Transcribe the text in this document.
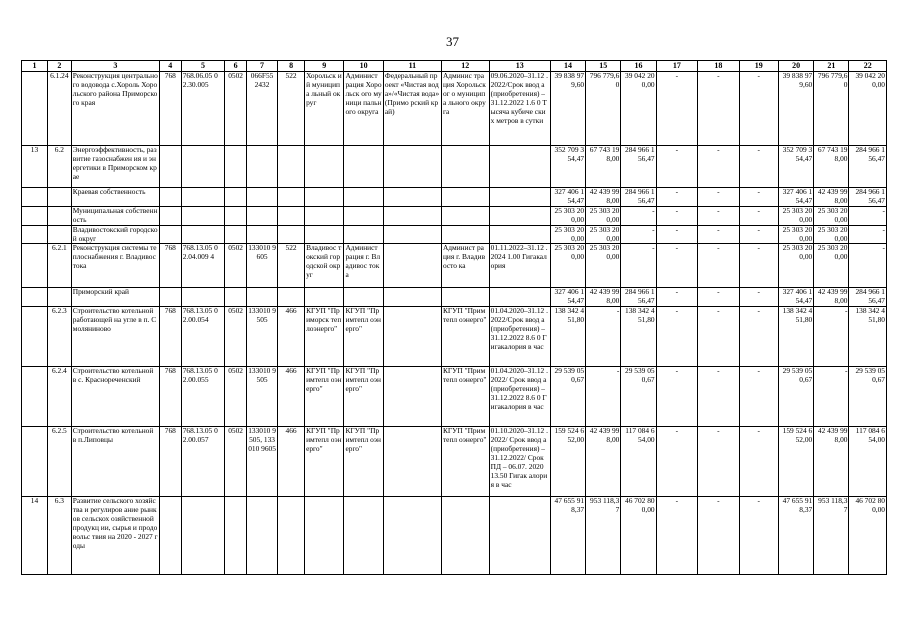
37
1	2	3	4	5	6	7	8	9	10	11	12	13	14	15	16	17	18	19	20	21	22
	6.1.24	Реконструкция центрального водовода с.Хороль Хорольского района Приморского края	768	768.06.05 02.30.005	0502	066F55 2432	522	Хорольск ий муниципа льный округ	Админист рация Хорольск ого муници пального округа	Федеральный проект «Чистая вода»/«Чистая вода» (Примо рский край)	Админис трация Хорольског о муниципа льного округа	09.06.2020–31.12 .2022/Срок ввод а (приобретения) – 31.12.2022 1.6 0 Тысяча кубиче ских метров в сутки	39 838 97 9,60	796 779,6 0	39 042 20 0,00	-	-	-	39 838 97 9,60	796 779,6 0	39 042 20 0,00
13	6.2	Энергоэффективность, развитие газоснабжен ия и энергетики в Приморском крае											352 709 3 54,47	67 743 19 8,00	284 966 1 56,47	-	-	-	352 709 3 54,47	67 743 19 8,00	284 966 1 56,47
		Краевая собственность											327 406 1 54,47	42 439 99 8,00	284 966 1 56,47	-	-	-	327 406 1 54,47	42 439 99 8,00	284 966 1 56,47
		Муниципальная собственность											25 303 20 0,00	25 303 20 0,00	-	-	-	-	25 303 20 0,00	25 303 20 0,00	-
		Владивостокский городской округ											25 303 20 0,00	25 303 20 0,00	-	-	-	-	25 303 20 0,00	25 303 20 0,00	-
	6.2.1	Реконструкция системы теплоснабжения г. Владивостока	768	768.13.05 02.04.009 4	0502	133010 9605	522	Владивос токский городской округ	Админист рация г. Владивос тока		Админист рация г. Владивосто ка	01.11.2022–31.12 .2024 1.00 Гигакалория	25 303 20 0,00	25 303 20 0,00	-	-	-	-	25 303 20 0,00	25 303 20 0,00	-
		Приморский край											327 406 1 54,47	42 439 99 8,00	284 966 1 56,47	-	-	-	327 406 1 54,47	42 439 99 8,00	284 966 1 56,47
	6.2.3	Строительство котельной работающей на угле в п. Смоляниново	768	768.13.05 02.00.054	0502	133010 9505	466	КГУП "Приморск теплоэнерго"	КГУП "Примтепл оэнерго"		КГУП "Примтепл оэнерго"	01.04.2020–31.12 .2022/Срок ввод а (приобретения) – 31.12.2022 8.6 0 Гигакалория в час	138 342 4 51,80	-	138 342 4 51,80	-	-	-	138 342 4 51,80	-	138 342 4 51,80
	6.2.4	Строительство котельной в с. Краснореченский	768	768.13.05 02.00.055	0502	133010 9505	466	КГУП "Примтепл оэнерго"	КГУП "Примтепл оэнерго"		КГУП "Примтепл оэнерго"	01.04.2020–31.12 .2022/ Срок ввод а (приобретения) – 31.12.2022 8.6 0 Гигакалория в час	29 539 05 0,67	-	29 539 05 0,67	-	-	-	29 539 05 0,67	-	29 539 05 0,67
	6.2.5	Строительство котельной в п.Липовцы	768	768.13.05 02.00.057	0502	133010 9505, 133010 9605	466	КГУП "Примтепл оэнерго"	КГУП "Примтепл оэнерго"		КГУП "Примтепл оэнерго"	01.10.2020–31.12 .2022/ Срок ввод а (приобретения) – 31.12.2022/ СрокПД – 06.07. 2020 13.50 Гигак алория в час	159 524 6 52,00	42 439 99 8,00	117 084 6 54,00	-	-	-	159 524 6 52,00	42 439 99 8,00	117 084 6 54,00
14	6.3	Развитие сельского хозяйства и регулиров ание рынков сельскох озяйственной продукц ии, сырья и продовольс твия на 2020 - 2027 годы											47 655 91 8,37	953 118,3 7	46 702 80 0,00	-	-	-	47 655 91 8,37	953 118,3 7	46 702 80 0,00
